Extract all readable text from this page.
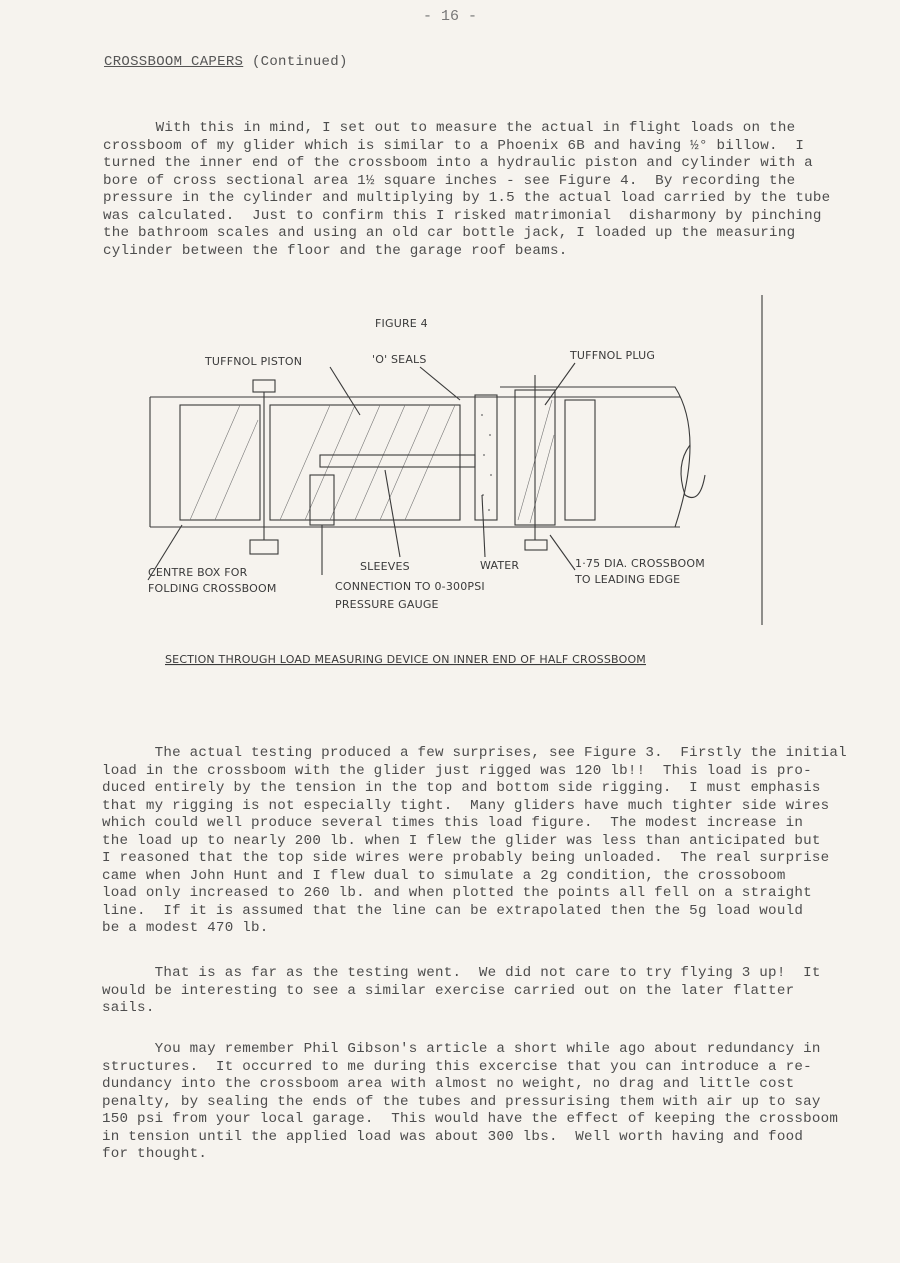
- 16 -
CROSSBOOM CAPERS (Continued)
With this in mind, I set out to measure the actual in flight loads on the
crossboom of my glider which is similar to a Phoenix 6B and having ½° billow.  I
turned the inner end of the crossboom into a hydraulic piston and cylinder with a
bore of cross sectional area 1½ square inches - see Figure 4.  By recording the
pressure in the cylinder and multiplying by 1.5 the actual load carried by the tube
was calculated.  Just to confirm this I risked matrimonial  disharmony by pinching
the bathroom scales and using an old car bottle jack, I loaded up the measuring
cylinder between the floor and the garage roof beams.
FIGURE 4
TUFFNOL PISTON	'O' SEALS	TUFFNOL PLUG
CENTRE BOX FOR
FOLDING CROSSBOOM
SLEEVES	WATER
CONNECTION TO 0-300PSI
PRESSURE GAUGE
1·75 DIA. CROSSBOOM
TO LEADING EDGE
SECTION THROUGH LOAD MEASURING DEVICE ON INNER END OF HALF CROSSBOOM
The actual testing produced a few surprises, see Figure 3.  Firstly the initial
load in the crossboom with the glider just rigged was 120 lb!!  This load is pro-
duced entirely by the tension in the top and bottom side rigging.  I must emphasis
that my rigging is not especially tight.  Many gliders have much tighter side wires
which could well produce several times this load figure.  The modest increase in
the load up to nearly 200 lb. when I flew the glider was less than anticipated but
I reasoned that the top side wires were probably being unloaded.  The real surprise
came when John Hunt and I flew dual to simulate a 2g condition, the crossoboom
load only increased to 260 lb. and when plotted the points all fell on a straight
line.  If it is assumed that the line can be extrapolated then the 5g load would
be a modest 470 lb.
That is as far as the testing went.  We did not care to try flying 3 up!  It
would be interesting to see a similar exercise carried out on the later flatter
sails.
You may remember Phil Gibson's article a short while ago about redundancy in
structures.  It occurred to me during this excercise that you can introduce a re-
dundancy into the crossboom area with almost no weight, no drag and little cost
penalty, by sealing the ends of the tubes and pressurising them with air up to say
150 psi from your local garage.  This would have the effect of keeping the crossboom
in tension until the applied load was about 300 lbs.  Well worth having and food
for thought.
